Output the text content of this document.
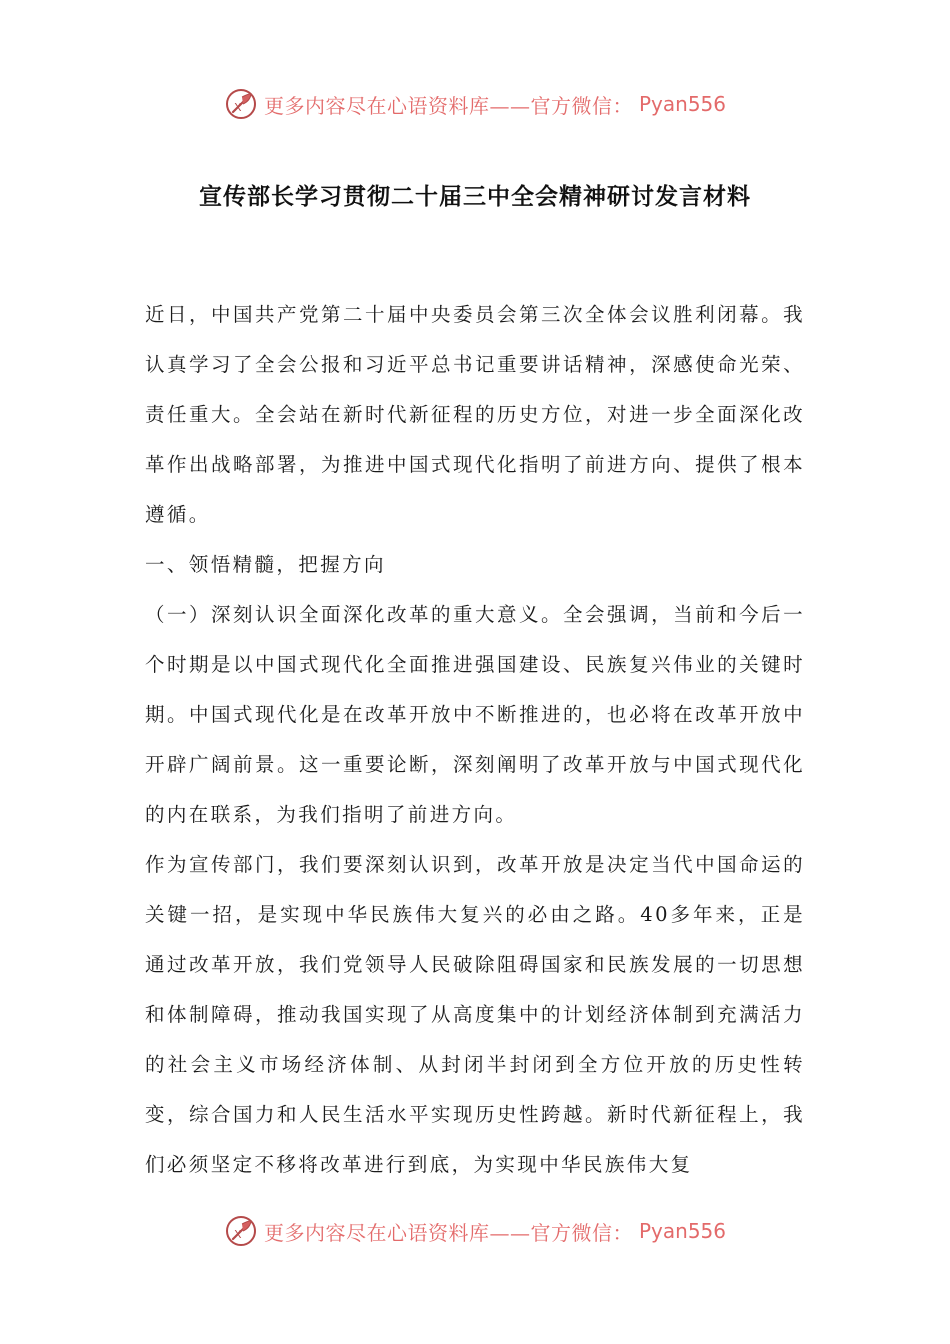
X 更多内容尽在心语资料库——官方微信： Pyan556
宣传部长学习贯彻二十届三中全会精神研讨发言材料

近日，中国共产党第二十届中央委员会第三次全体会议胜利闭幕。我认真学习了全会公报和习近平总书记重要讲话精神，深感使命光荣、责任重大。全会站在新时代新征程的历史方位，对进一步全面深化改革作出战略部署，为推进中国式现代化指明了前进方向、提供了根本遵循。

一、领悟精髓，把握方向

（一）深刻认识全面深化改革的重大意义。全会强调，当前和今后一个时期是以中国式现代化全面推进强国建设、民族复兴伟业的关键时期。中国式现代化是在改革开放中不断推进的，也必将在改革开放中开辟广阔前景。这一重要论断，深刻阐明了改革开放与中国式现代化的内在联系，为我们指明了前进方向。

作为宣传部门，我们要深刻认识到，改革开放是决定当代中国命运的关键一招，是实现中华民族伟大复兴的必由之路。40多年来，正是通过改革开放，我们党领导人民破除阻碍国家和民族发展的一切思想和体制障碍，推动我国实现了从高度集中的计划经济体制到充满活力的社会主义市场经济体制、从封闭半封闭到全方位开放的历史性转变，综合国力和人民生活水平实现历史性跨越。新时代新征程上，我们必须坚定不移将改革进行到底，为实现中华民族伟大复

X 更多内容尽在心语资料库——官方微信： Pyan556
